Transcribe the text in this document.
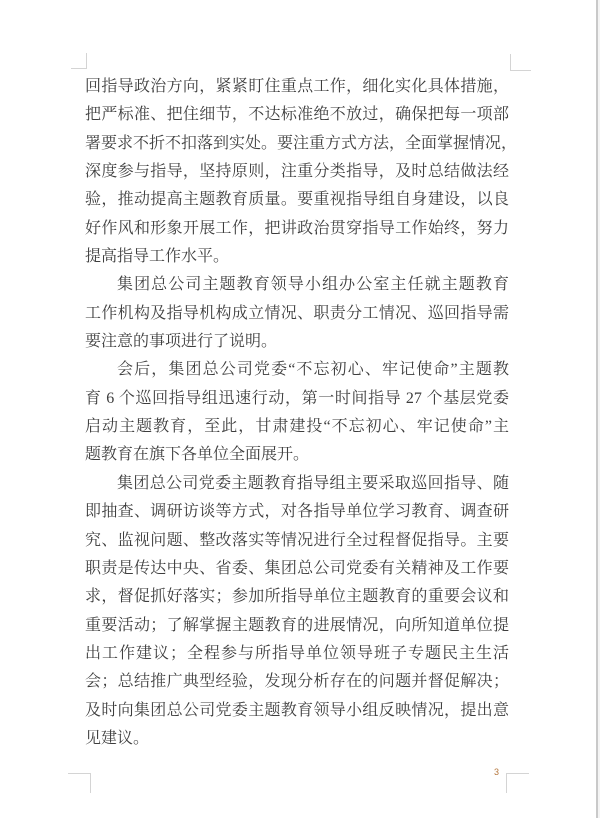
3
回指导政治方向，紧紧盯住重点工作，细化实化具体措施，
把严标准、把住细节，不达标准绝不放过，确保把每一项部
署要求不折不扣落到实处。要注重方式方法，全面掌握情况，
深度参与指导，坚持原则，注重分类指导，及时总结做法经
验，推动提高主题教育质量。要重视指导组自身建设，以良
好作风和形象开展工作，把讲政治贯穿指导工作始终，努力
提高指导工作水平。
集团总公司主题教育领导小组办公室主任就主题教育
工作机构及指导机构成立情况、职责分工情况、巡回指导需
要注意的事项进行了说明。
会后，集团总公司党委“不忘初心、牢记使命”主题教
育 6 个巡回指导组迅速行动，第一时间指导 27 个基层党委
启动主题教育，至此，甘肃建投“不忘初心、牢记使命”主
题教育在旗下各单位全面展开。
集团总公司党委主题教育指导组主要采取巡回指导、随
即抽查、调研访谈等方式，对各指导单位学习教育、调查研
究、监视问题、整改落实等情况进行全过程督促指导。主要
职责是传达中央、省委、集团总公司党委有关精神及工作要
求，督促抓好落实；参加所指导单位主题教育的重要会议和
重要活动；了解掌握主题教育的进展情况，向所知道单位提
出工作建议；全程参与所指导单位领导班子专题民主生活
会；总结推广典型经验，发现分析存在的问题并督促解决；
及时向集团总公司党委主题教育领导小组反映情况，提出意
见建议。
